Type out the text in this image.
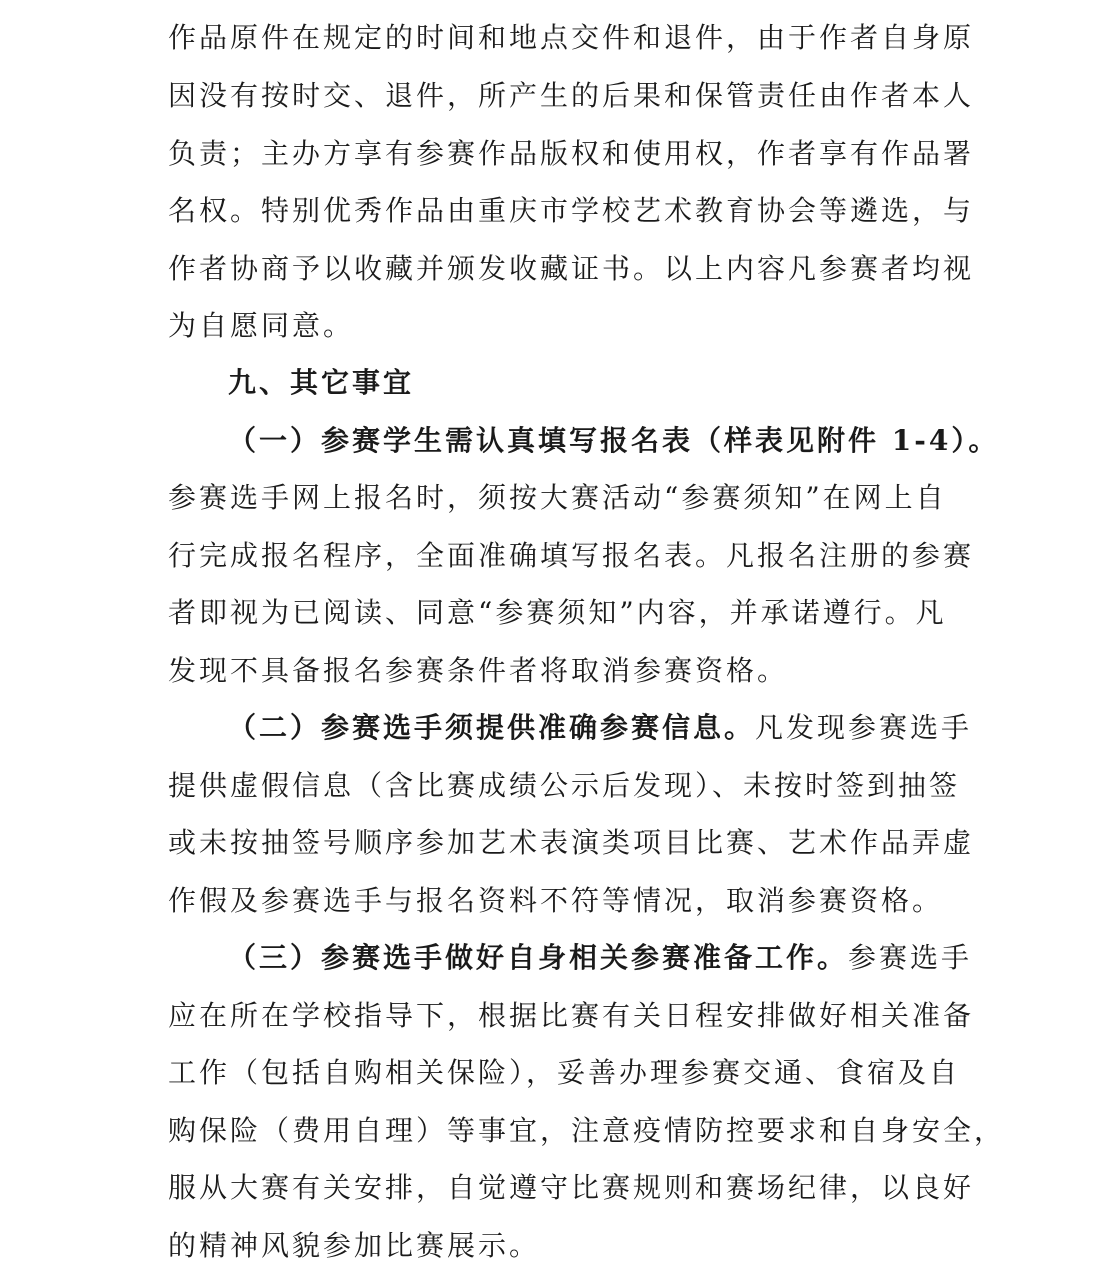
作品原件在规定的时间和地点交件和退件，由于作者自身原
因没有按时交、退件，所产生的后果和保管责任由作者本人
负责；主办方享有参赛作品版权和使用权，作者享有作品署
名权。特别优秀作品由重庆市学校艺术教育协会等遴选，与
作者协商予以收藏并颁发收藏证书。以上内容凡参赛者均视
为自愿同意。
九、其它事宜
（一）参赛学生需认真填写报名表（样表见附件 1-4）。
参赛选手网上报名时，须按大赛活动“参赛须知”在网上自
行完成报名程序，全面准确填写报名表。凡报名注册的参赛
者即视为已阅读、同意“参赛须知”内容，并承诺遵行。凡
发现不具备报名参赛条件者将取消参赛资格。
（二）参赛选手须提供准确参赛信息。凡发现参赛选手
提供虚假信息（含比赛成绩公示后发现）、未按时签到抽签
或未按抽签号顺序参加艺术表演类项目比赛、艺术作品弄虚
作假及参赛选手与报名资料不符等情况，取消参赛资格。
（三）参赛选手做好自身相关参赛准备工作。参赛选手
应在所在学校指导下，根据比赛有关日程安排做好相关准备
工作（包括自购相关保险），妥善办理参赛交通、食宿及自
购保险（费用自理）等事宜，注意疫情防控要求和自身安全，
服从大赛有关安排，自觉遵守比赛规则和赛场纪律，以良好
的精神风貌参加比赛展示。
